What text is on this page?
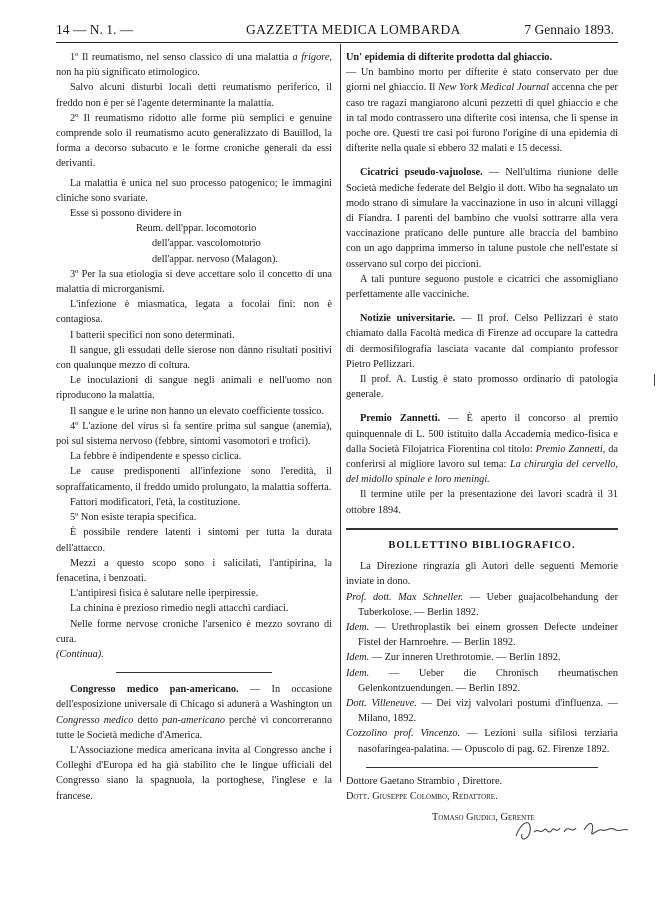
14 — N. 1. —	GAZZETTA MEDICA LOMBARDA	7 Gennaio 1893.

1º Il reumatismo, nel senso classico di una malattia a frigore, non ha più significato etimologico.

Salvo alcuni disturbi locali detti reumatismo periferico, il freddo non è per sè l'agente determinante la malattia.

2º Il reumatismo ridotto alle forme più semplici e genuine comprende solo il reumatismo acuto generalizzato di Bauillod, la forma a decorso subacuto e le forme croniche generali da essi derivanti.

La malattia è unica nel suo processo patogenico; le immagini cliniche sono svariate.

Esse si possono dividere in

Reum. dell'ppar. locomotorio

dell'appar. vascolomotorio

dell'appar. nervoso (Malagon).

3º Per la sua etiologia si deve accettare solo il concetto di una malattia di microrganismi.

L'infezione è miasmatica, legata a focolai fini: non è contagiosa.

I batterii specifici non sono determinati.

Il sangue, gli essudati delle sierose non dànno risultati positivi con qualunque mezzo di coltura.

Le inoculazioni di sangue negli animali e nell'uomo non riproducono la malattia.

Il sangue e le urine non hanno un elevato coefficiente tossico.

4º L'azione del virus si fa sentire prima sul sangue (anemia), poi sul sistema nervoso (febbre, sintomi vasomotori e trofici).

La febbre è indipendente e spesso ciclica.

Le cause predisponenti all'infezione sono l'eredità, il sopraffaticamento, il freddo umido prolungato, la malattia sofferta.

Fattori modificatori, l'età, la costituzione.

5º Non esiste terapia specifica.

È possibile rendere latenti i sintomi per tutta la durata dell'attacco.

Mezzi a questo scopo sono i salicilati, l'antipirina, la fenacetina, i benzoati.

L'antipiresi fisica è salutare nelle iperpiressie.

La chinina è prezioso rimedio negli attacchi cardiaci.

Nelle forme nervose croniche l'arsenico è mezzo sovrano di cura.

(Continua).

Congresso medico pan-americano. — In occasione dell'esposizione universale di Chicago si adunerà a Washington un Congresso medico detto pan-americano perchè vi concorreranno tutte le Società mediche d'America.

L'Associazione medica americana invita al Congresso anche i Colleghi d'Europa ed ha già stabilito che le lingue ufficiali del Congresso siano la spagnuola, la portoghese, l'inglese e la francese.

Un' epidemia di difterite prodotta dal ghiaccio.

— Un bambino morto per difterite è stato conservato per due giorni nel ghiaccio. Il New York Medical Journal accenna che per caso tre ragazi mangiarono alcuni pezzetti di quel ghiaccio e che in tal modo contrassero una difterite così intensa, che li spense in poche ore. Questi tre casi poi furono l'origine di una epidemia di difterite nella quale si ebbero 32 malati e 15 decessi.

Cicatrici pseudo-vajuolose. — Nell'ultima riunione delle Società mediche federate del Belgio il dott. Wibo ha segnalato un modo strano di simulare la vaccinazione in uso in alcuni villaggi di Fiandra. I parenti del bambino che vuolsi sottrarre alla vera vaccinazione praticano delle punture alle braccia del bambino con un ago dapprima immerso in talune pustole che nell'estate si osservano sul corpo dei piccioni.

A tali punture seguono pustole e cicatrici che assomigliano perfettamente alle vacciniche.

Notizie universitarie. — Il prof. Celso Pellizzari è stato chiamato dalla Facoltà medica di Firenze ad occupare la cattedra di dermosifilografia lasciata vacante dal compianto professor Pietro Pellizzari.

Il prof. A. Lustig è stato promosso ordinario di patologia generale.

Premio Zannetti. — È aperto il concorso al premio quinquennale di L. 500 istituito dalla Accademia medico-fisica e dalla Società Filojatrica Fiorentina col titolo: Premio Zannetti, da conferirsi al migliore lavoro sul tema: La chirurgia del cervello, del midollo spinale e loro meningi.

Il termine utile per la presentazione dei lavori scadrà il 31 ottobre 1894.

BOLLETTINO BIBLIOGRAFICO.

La Direzione ringrazia gli Autori delle seguenti Memorie inviate in dono.

Prof. dott. Max Schneller. — Ueber guajacolbehandung der Tuberkolose. — Berlin 1892.

Idem. — Urethroplastik bei einem grossen Defecte undeiner Fistel der Harnroehre. — Berlin 1892.

Idem. — Zur inneren Urethrotomie. — Berlin 1892.

Idem. — Ueber die Chronisch rheumatischen Gelenkontzuendungen. — Berlin 1892.

Dott. Villeneuve. — Dei vizj valvolari postumi d'influenza. — Milano, 1892.

Cozzolino prof. Vincenzo. — Lezioni sulla sifilosi terziaria nasofaringea-palatina. — Opuscolo di pag. 62. Firenze 1892.

Dottore Gaetano Strambio , Direttore.

Dott. Giuseppe Colombo, Redattore.

Tomaso Giudici, Gerente
